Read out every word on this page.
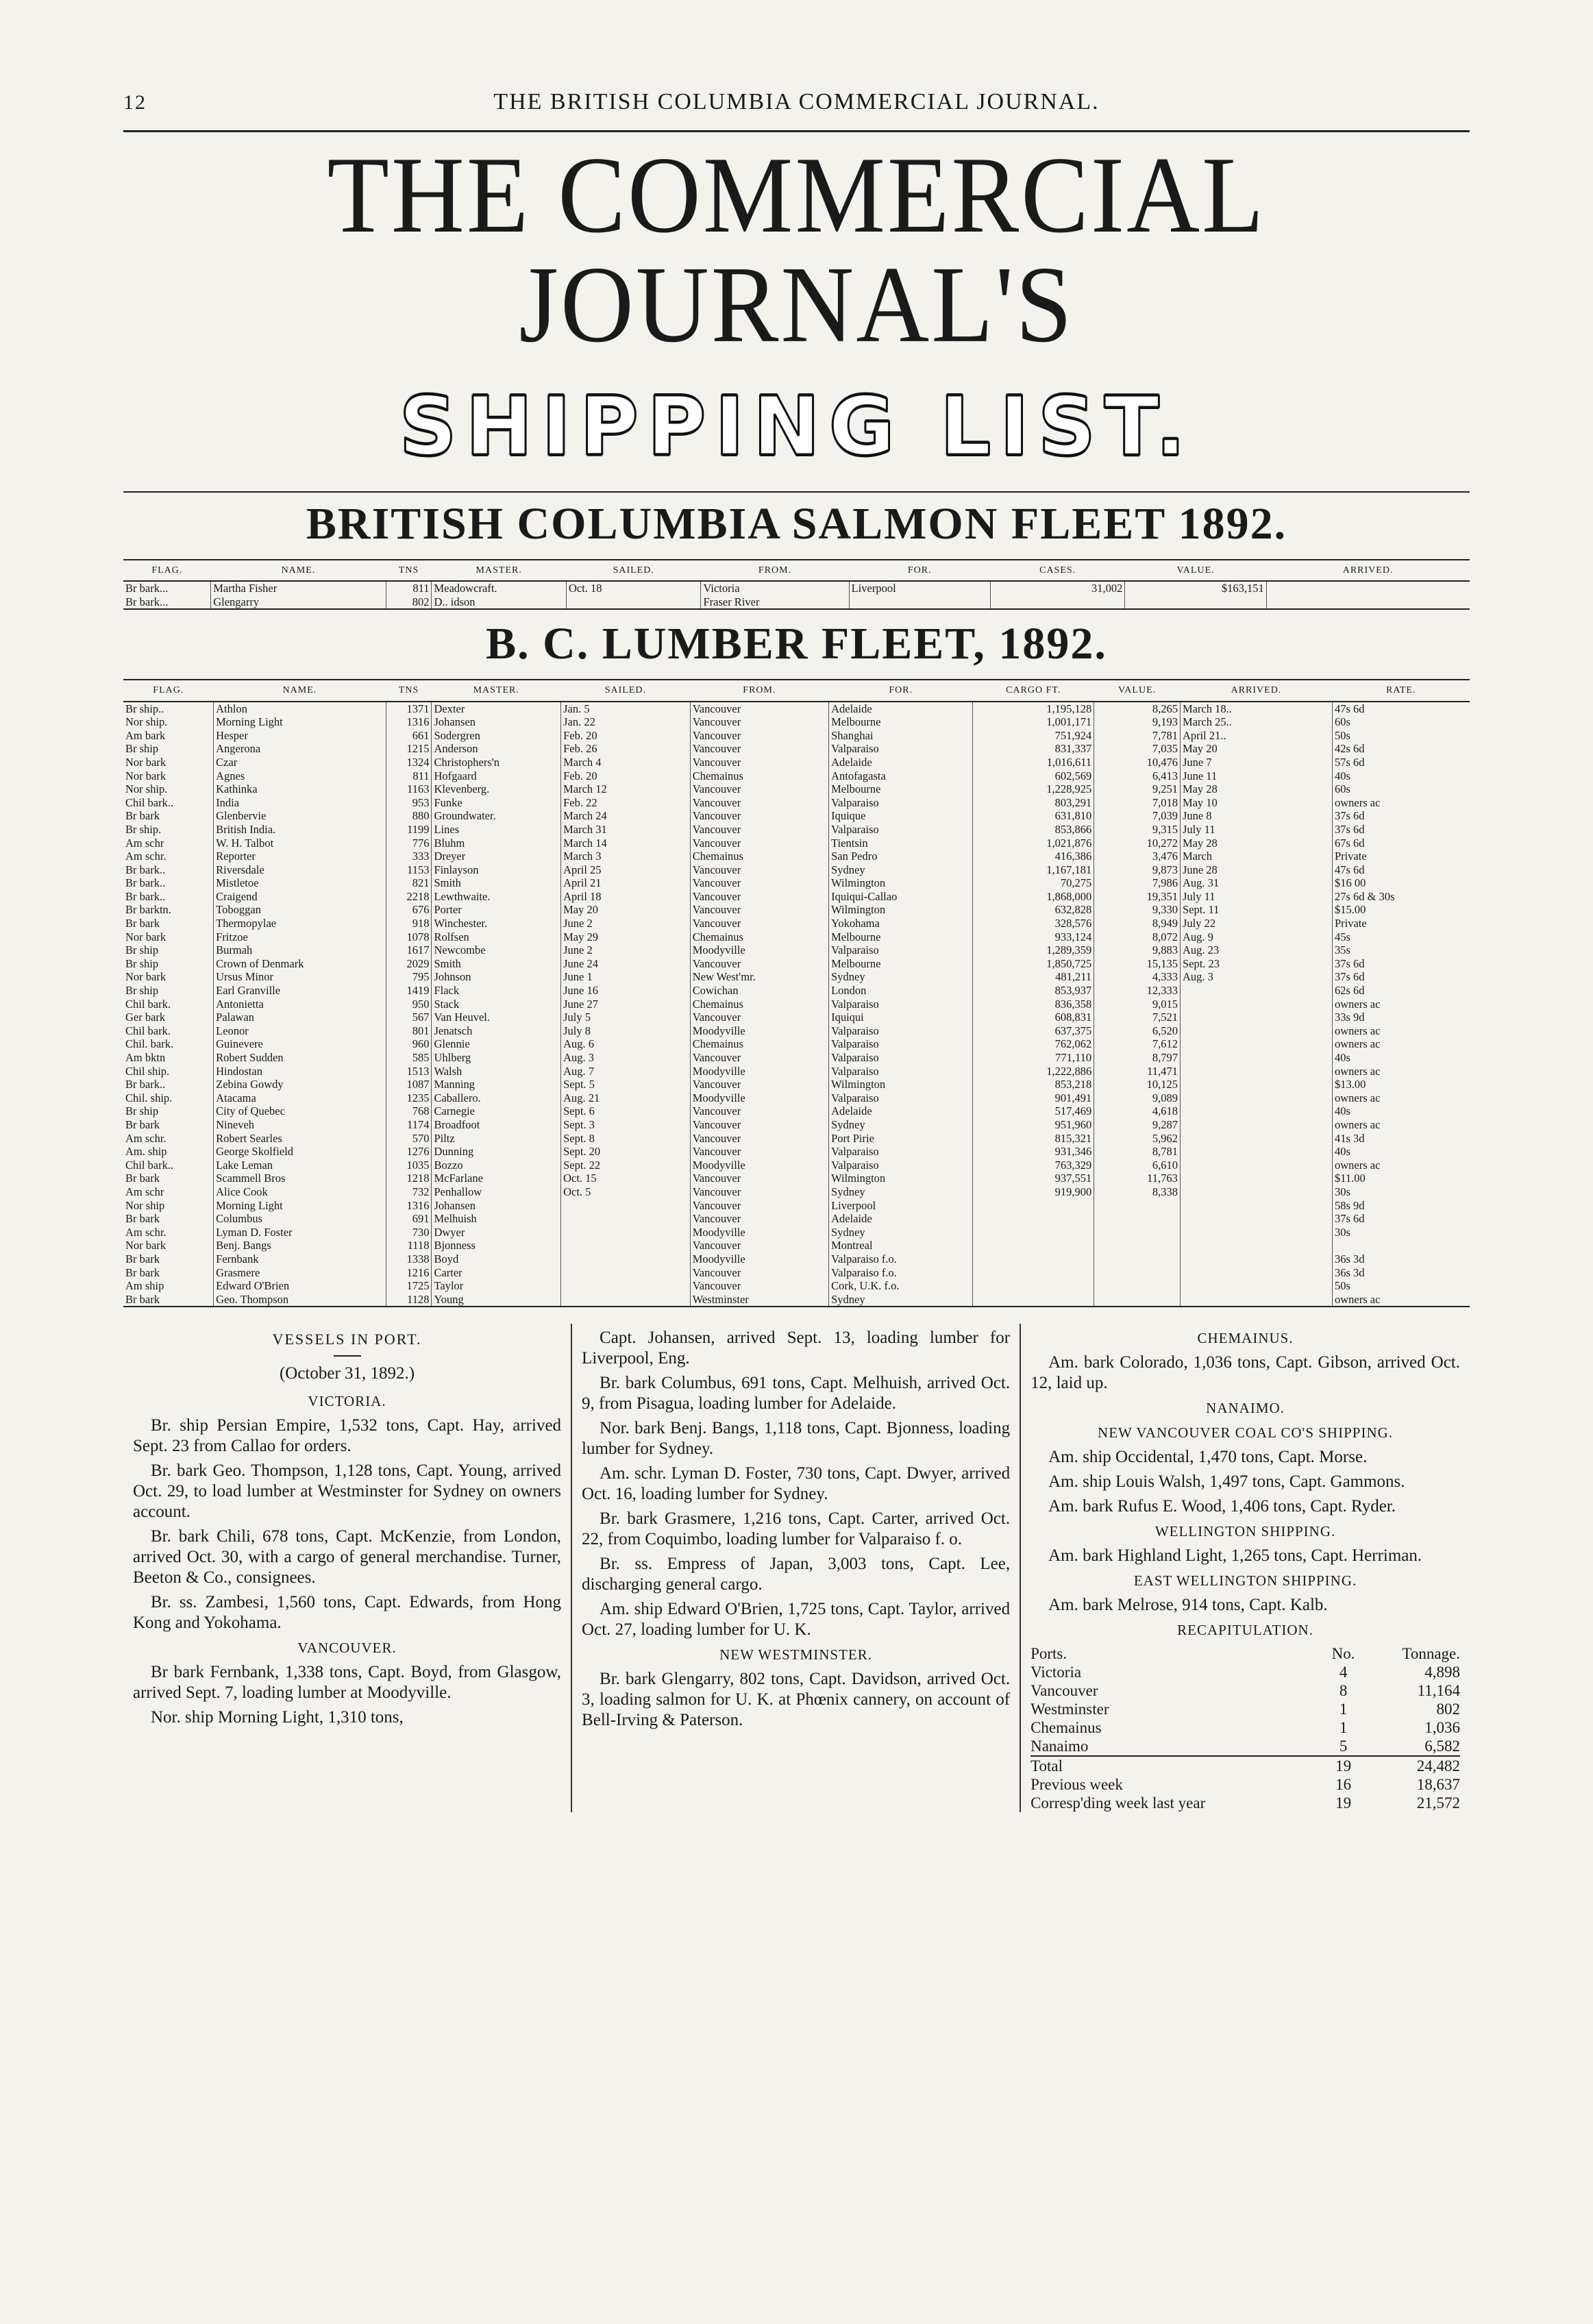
12	THE BRITISH COLUMBIA COMMERCIAL JOURNAL.
THE COMMERCIAL JOURNAL'S
SHIPPING LIST.
BRITISH COLUMBIA SALMON FLEET 1892.
FLAG.	NAME.	TNS	MASTER.	SAILED.	FROM.	FOR.	CASES.	VALUE.	ARRIVED.
Br bark...	Martha Fisher	811	Meadowcraft.	Oct. 18	Victoria	Liverpool	31,002	$163,151	
Br bark...	Glengarry	802	D.. idson		Fraser River				
B. C. LUMBER FLEET, 1892.
FLAG.	NAME.	TNS	MASTER.	SAILED.	FROM.	FOR.	CARGO FT.	VALUE.	ARRIVED.	RATE.
Br ship..	Athlon	1371	Dexter	Jan. 5	Vancouver	Adelaide	1,195,128	8,265	March 18..	47s 6d
Nor ship.	Morning Light	1316	Johansen	Jan. 22	Vancouver	Melbourne	1,001,171	9,193	March 25..	60s
Am bark	Hesper	661	Sodergren	Feb. 20	Vancouver	Shanghai	751,924	7,781	April 21..	50s
Br ship	Angerona	1215	Anderson	Feb. 26	Vancouver	Valparaiso	831,337	7,035	May 20	42s 6d
Nor bark	Czar	1324	Christophers'n	March 4	Vancouver	Adelaide	1,016,611	10,476	June 7	57s 6d
Nor bark	Agnes	811	Hofgaard	Feb. 20	Chemainus	Antofagasta	602,569	6,413	June 11	40s
Nor ship.	Kathinka	1163	Klevenberg.	March 12	Vancouver	Melbourne	1,228,925	9,251	May 28	60s
Chil bark..	India	953	Funke	Feb. 22	Vancouver	Valparaiso	803,291	7,018	May 10	owners ac
Br bark	Glenbervie	880	Groundwater.	March 24	Vancouver	Iquique	631,810	7,039	June 8	37s 6d
Br ship.	British India.	1199	Lines	March 31	Vancouver	Valparaiso	853,866	9,315	July 11	37s 6d
Am schr	W. H. Talbot	776	Bluhm	March 14	Vancouver	Tientsin	1,021,876	10,272	May 28	67s 6d
Am schr.	Reporter	333	Dreyer	March 3	Chemainus	San Pedro	416,386	3,476	March	Private
Br bark..	Riversdale	1153	Finlayson	April 25	Vancouver	Sydney	1,167,181	9,873	June 28	47s 6d
Br bark..	Mistletoe	821	Smith	April 21	Vancouver	Wilmington	70,275	7,986	Aug. 31	$16 00
Br bark..	Craigend	2218	Lewthwaite.	April 18	Vancouver	Iquiqui-Callao	1,868,000	19,351	July 11	27s 6d & 30s
Br barktn.	Toboggan	676	Porter	May 20	Vancouver	Wilmington	632,828	9,330	Sept. 11	$15.00
Br bark	Thermopylae	918	Winchester.	June 2	Vancouver	Yokohama	328,576	8,949	July 22	Private
Nor bark	Fritzoe	1078	Rolfsen	May 29	Chemainus	Melbourne	933,124	8,072	Aug. 9	45s
Br ship	Burmah	1617	Newcombe	June 2	Moodyville	Valparaiso	1,289,359	9,883	Aug. 23	35s
Br ship	Crown of Denmark	2029	Smith	June 24	Vancouver	Melbourne	1,850,725	15,135	Sept. 23	37s 6d
Nor bark	Ursus Minor	795	Johnson	June 1	New West'mr.	Sydney	481,211	4,333	Aug. 3	37s 6d
Br ship	Earl Granville	1419	Flack	June 16	Cowichan	London	853,937	12,333		62s 6d
Chil bark.	Antonietta	950	Stack	June 27	Chemainus	Valparaiso	836,358	9,015		owners ac
Ger bark	Palawan	567	Van Heuvel.	July 5	Vancouver	Iquiqui	608,831	7,521		33s 9d
Chil bark.	Leonor	801	Jenatsch	July 8	Moodyville	Valparaiso	637,375	6,520		owners ac
Chil. bark.	Guinevere	960	Glennie	Aug. 6	Chemainus	Valparaiso	762,062	7,612		owners ac
Am bktn	Robert Sudden	585	Uhlberg	Aug. 3	Vancouver	Valparaiso	771,110	8,797		40s
Chil ship.	Hindostan	1513	Walsh	Aug. 7	Moodyville	Valparaiso	1,222,886	11,471		owners ac
Br bark..	Zebina Gowdy	1087	Manning	Sept. 5	Vancouver	Wilmington	853,218	10,125		$13.00
Chil. ship.	Atacama	1235	Caballero.	Aug. 21	Moodyville	Valparaiso	901,491	9,089		owners ac
Br ship	City of Quebec	768	Carnegie	Sept. 6	Vancouver	Adelaide	517,469	4,618		40s
Br bark	Nineveh	1174	Broadfoot	Sept. 3	Vancouver	Sydney	951,960	9,287		owners ac
Am schr.	Robert Searles	570	Piltz	Sept. 8	Vancouver	Port Pirie	815,321	5,962		41s 3d
Am. ship	George Skolfield	1276	Dunning	Sept. 20	Vancouver	Valparaiso	931,346	8,781		40s
Chil bark..	Lake Leman	1035	Bozzo	Sept. 22	Moodyville	Valparaiso	763,329	6,610		owners ac
Br bark	Scammell Bros	1218	McFarlane	Oct. 15	Vancouver	Wilmington	937,551	11,763		$11.00
Am schr	Alice Cook	732	Penhallow	Oct. 5	Vancouver	Sydney	919,900	8,338		30s
Nor ship	Morning Light	1316	Johansen		Vancouver	Liverpool				58s 9d
Br bark	Columbus	691	Melhuish		Vancouver	Adelaide				37s 6d
Am schr.	Lyman D. Foster	730	Dwyer		Moodyville	Sydney				30s
Nor bark	Benj. Bangs	1118	Bjonness		Vancouver	Montreal				
Br bark	Fernbank	1338	Boyd		Moodyville	Valparaiso f.o.				36s 3d
Br bark	Grasmere	1216	Carter		Vancouver	Valparaiso f.o.				36s 3d
Am ship	Edward O'Brien	1725	Taylor		Vancouver	Cork, U.K. f.o.				50s
Br bark	Geo. Thompson	1128	Young		Westminster	Sydney				owners ac
VESSELS IN PORT.
(October 31, 1892.)
VICTORIA.

Br. ship Persian Empire, 1,532 tons, Capt. Hay, arrived Sept. 23 from Callao for orders.

Br. bark Geo. Thompson, 1,128 tons, Capt. Young, arrived Oct. 29, to load lumber at Westminster for Sydney on owners account.

Br. bark Chili, 678 tons, Capt. McKenzie, from London, arrived Oct. 30, with a cargo of general merchandise. Turner, Beeton & Co., consignees.

Br. ss. Zambesi, 1,560 tons, Capt. Edwards, from Hong Kong and Yokohama.

VANCOUVER.

Br bark Fernbank, 1,338 tons, Capt. Boyd, from Glasgow, arrived Sept. 7, loading lumber at Moodyville.

Nor. ship Morning Light, 1,310 tons,

Capt. Johansen, arrived Sept. 13, loading lumber for Liverpool, Eng.

Br. bark Columbus, 691 tons, Capt. Melhuish, arrived Oct. 9, from Pisagua, loading lumber for Adelaide.

Nor. bark Benj. Bangs, 1,118 tons, Capt. Bjonness, loading lumber for Sydney.

Am. schr. Lyman D. Foster, 730 tons, Capt. Dwyer, arrived Oct. 16, loading lumber for Sydney.

Br. bark Grasmere, 1,216 tons, Capt. Carter, arrived Oct. 22, from Coquimbo, loading lumber for Valparaiso f. o.

Br. ss. Empress of Japan, 3,003 tons, Capt. Lee, discharging general cargo.

Am. ship Edward O'Brien, 1,725 tons, Capt. Taylor, arrived Oct. 27, loading lumber for U. K.

NEW WESTMINSTER.

Br. bark Glengarry, 802 tons, Capt. Davidson, arrived Oct. 3, loading salmon for U. K. at Phœnix cannery, on account of Bell-Irving & Paterson.

CHEMAINUS.

Am. bark Colorado, 1,036 tons, Capt. Gibson, arrived Oct. 12, laid up.

NANAIMO.
NEW VANCOUVER COAL CO'S SHIPPING.

Am. ship Occidental, 1,470 tons, Capt. Morse.

Am. ship Louis Walsh, 1,497 tons, Capt. Gammons.

Am. bark Rufus E. Wood, 1,406 tons, Capt. Ryder.

WELLINGTON SHIPPING.

Am. bark Highland Light, 1,265 tons, Capt. Herriman.

EAST WELLINGTON SHIPPING.

Am. bark Melrose, 914 tons, Capt. Kalb.

RECAPITULATION.
Ports.	No.	Tonnage.
Victoria	4	4,898
Vancouver	8	11,164
Westminster	1	802
Chemainus	1	1,036
Nanaimo	5	6,582
Total	19	24,482
Previous week	16	18,637
Corresp'ding week last year	19	21,572
